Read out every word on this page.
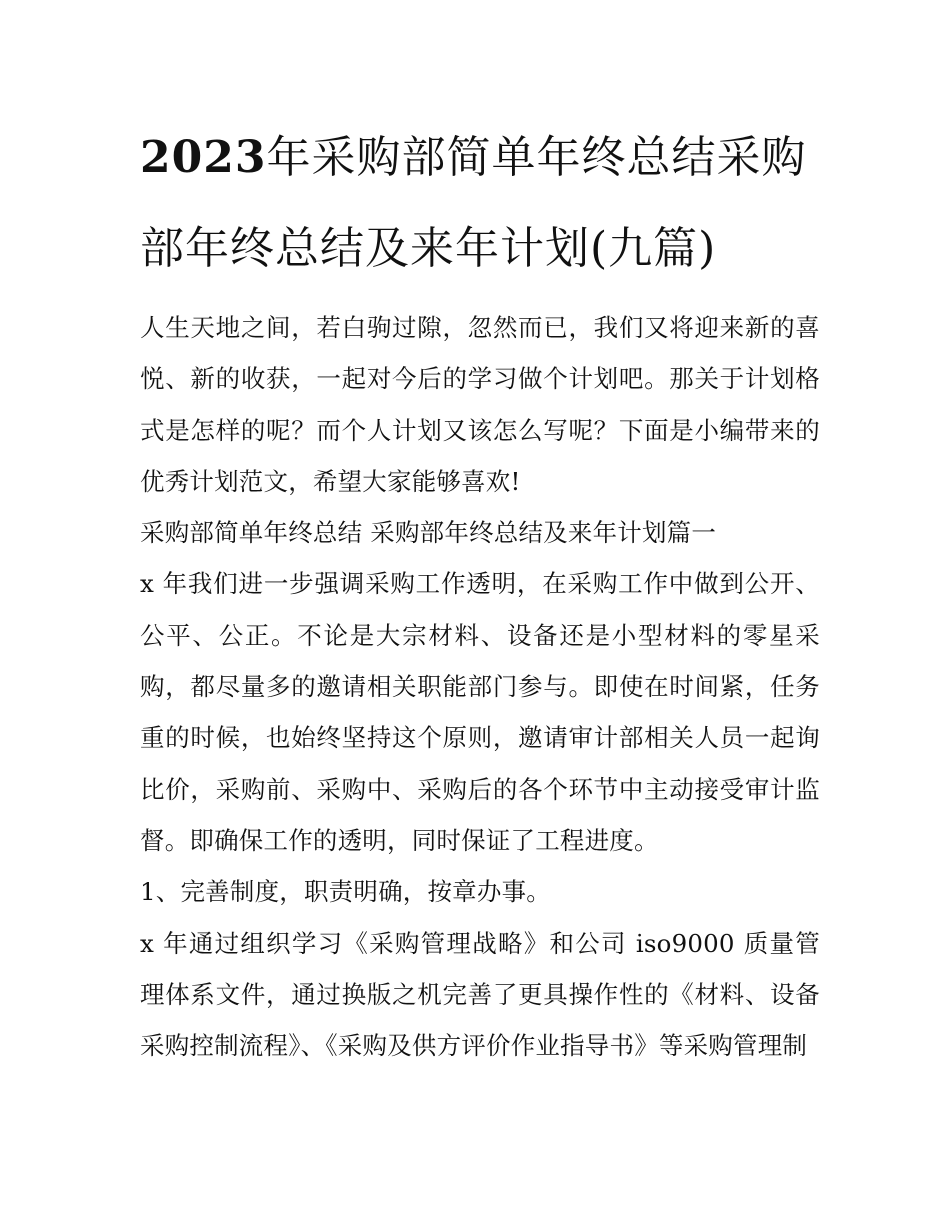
2023年采购部简单年终总结采购部年终总结及来年计划(九篇)

人生天地之间，若白驹过隙，忽然而已，我们又将迎来新的喜悦、新的收获，一起对今后的学习做个计划吧。那关于计划格式是怎样的呢？而个人计划又该怎么写呢？下面是小编带来的优秀计划范文，希望大家能够喜欢!

采购部简单年终总结 采购部年终总结及来年计划篇一

x 年我们进一步强调采购工作透明，在采购工作中做到公开、公平、公正。不论是大宗材料、设备还是小型材料的零星采购，都尽量多的邀请相关职能部门参与。即使在时间紧，任务重的时候，也始终坚持这个原则，邀请审计部相关人员一起询比价，采购前、采购中、采购后的各个环节中主动接受审计监督。即确保工作的透明，同时保证了工程进度。

1、完善制度，职责明确，按章办事。

x 年通过组织学习《采购管理战略》和公司 iso9000 质量管理体系文件，通过换版之机完善了更具操作性的《材料、设备采购控制流程》、《采购及供方评价作业指导书》等采购管理制
